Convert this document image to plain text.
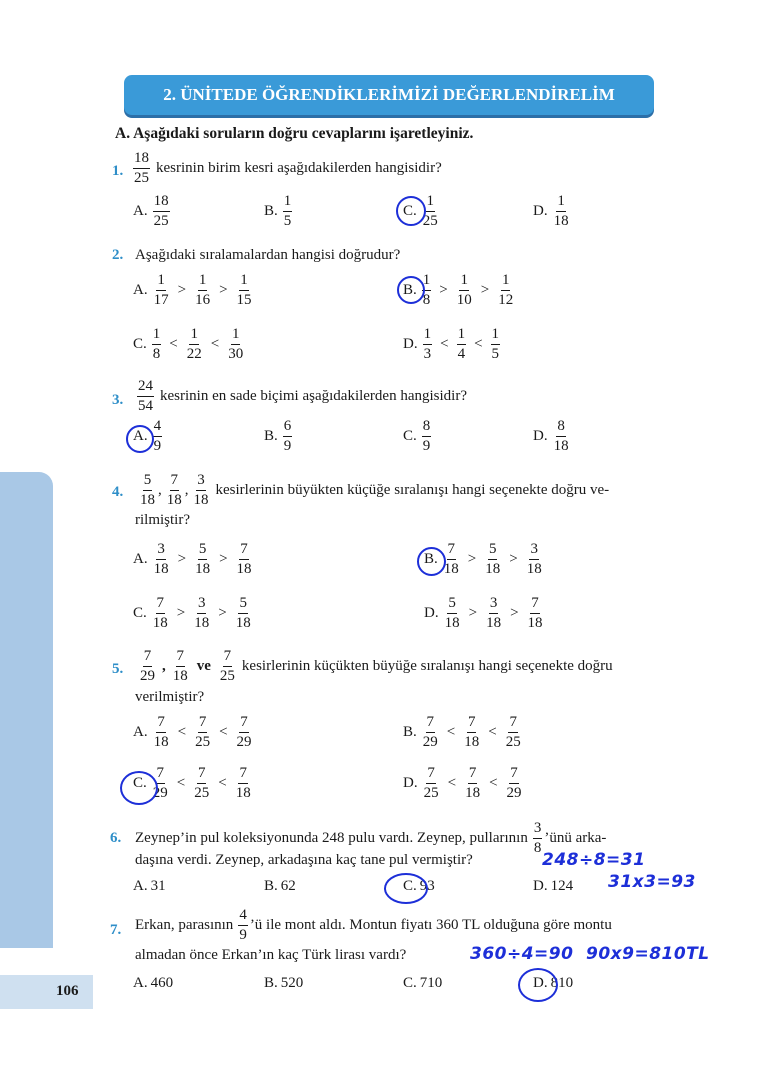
106
2. ÜNİTEDE ÖĞRENDİKLERİMİZİ DEĞERLENDİRELİM
A. Aşağıdaki soruların doğru cevaplarını işaretleyiniz.
1. $\frac{18}{25}$ kesrinin birim kesri aşağıdakilerden hangisidir?
A. $\frac{18}{25}$	B. $\frac{1}{5}$	C. $\frac{1}{25}$	D. $\frac{1}{18}$
2. Aşağıdaki sıralamalardan hangisi doğrudur?
A. $\frac{1}{17} > \frac{1}{16} > \frac{1}{15}$	B. $\frac{1}{8} > \frac{1}{10} > \frac{1}{12}$
C. $\frac{1}{8} < \frac{1}{22} < \frac{1}{30}$	D. $\frac{1}{3} < \frac{1}{4} < \frac{1}{5}$
3. $\frac{24}{54}$ kesrinin en sade biçimi aşağıdakilerden hangisidir?
A. $\frac{4}{9}$	B. $\frac{6}{9}$	C. $\frac{8}{9}$	D. $\frac{8}{18}$
4. $\frac{5}{18}$ , $\frac{7}{18}$ , $\frac{3}{18}$ kesirlerinin büyükten küçüğe sıralanışı hangi seçenekte doğru ve-
rilmiştir?
A. $\frac{3}{18} > \frac{5}{18} > \frac{7}{18}$	B. $\frac{7}{18} > \frac{5}{18} > \frac{3}{18}$
C. $\frac{7}{18} > \frac{3}{18} > \frac{5}{18}$	D. $\frac{5}{18} > \frac{3}{18} > \frac{7}{18}$
5. $\frac{7}{29}$ , $\frac{7}{18}$ ve $\frac{7}{25}$ kesirlerinin küçükten büyüğe sıralanışı hangi seçenekte doğru
verilmiştir?
A. $\frac{7}{18} < \frac{7}{25} < \frac{7}{29}$	B. $\frac{7}{29} < \frac{7}{18} < \frac{7}{25}$
C. $\frac{7}{29} < \frac{7}{25} < \frac{7}{18}$	D. $\frac{7}{25} < \frac{7}{18} < \frac{7}{29}$
6. Zeynep’in pul koleksiyonunda 248 pulu vardı. Zeynep, pullarının $\frac{3}{8}$ ’ünü arka-
daşına verdi. Zeynep, arkadaşına kaç tane pul vermiştir?	248÷8=31
A. 31	B. 62	C. 93	D. 124 31x3=93
7. Erkan, parasının $\frac{4}{9}$ ’ü ile mont aldı. Montun fiyatı 360 TL olduğuna göre montu
almadan önce Erkan’ın kaç Türk lirası vardı?	360÷4=90 90x9=810TL
A. 460	B. 520	C. 710	D. 810
